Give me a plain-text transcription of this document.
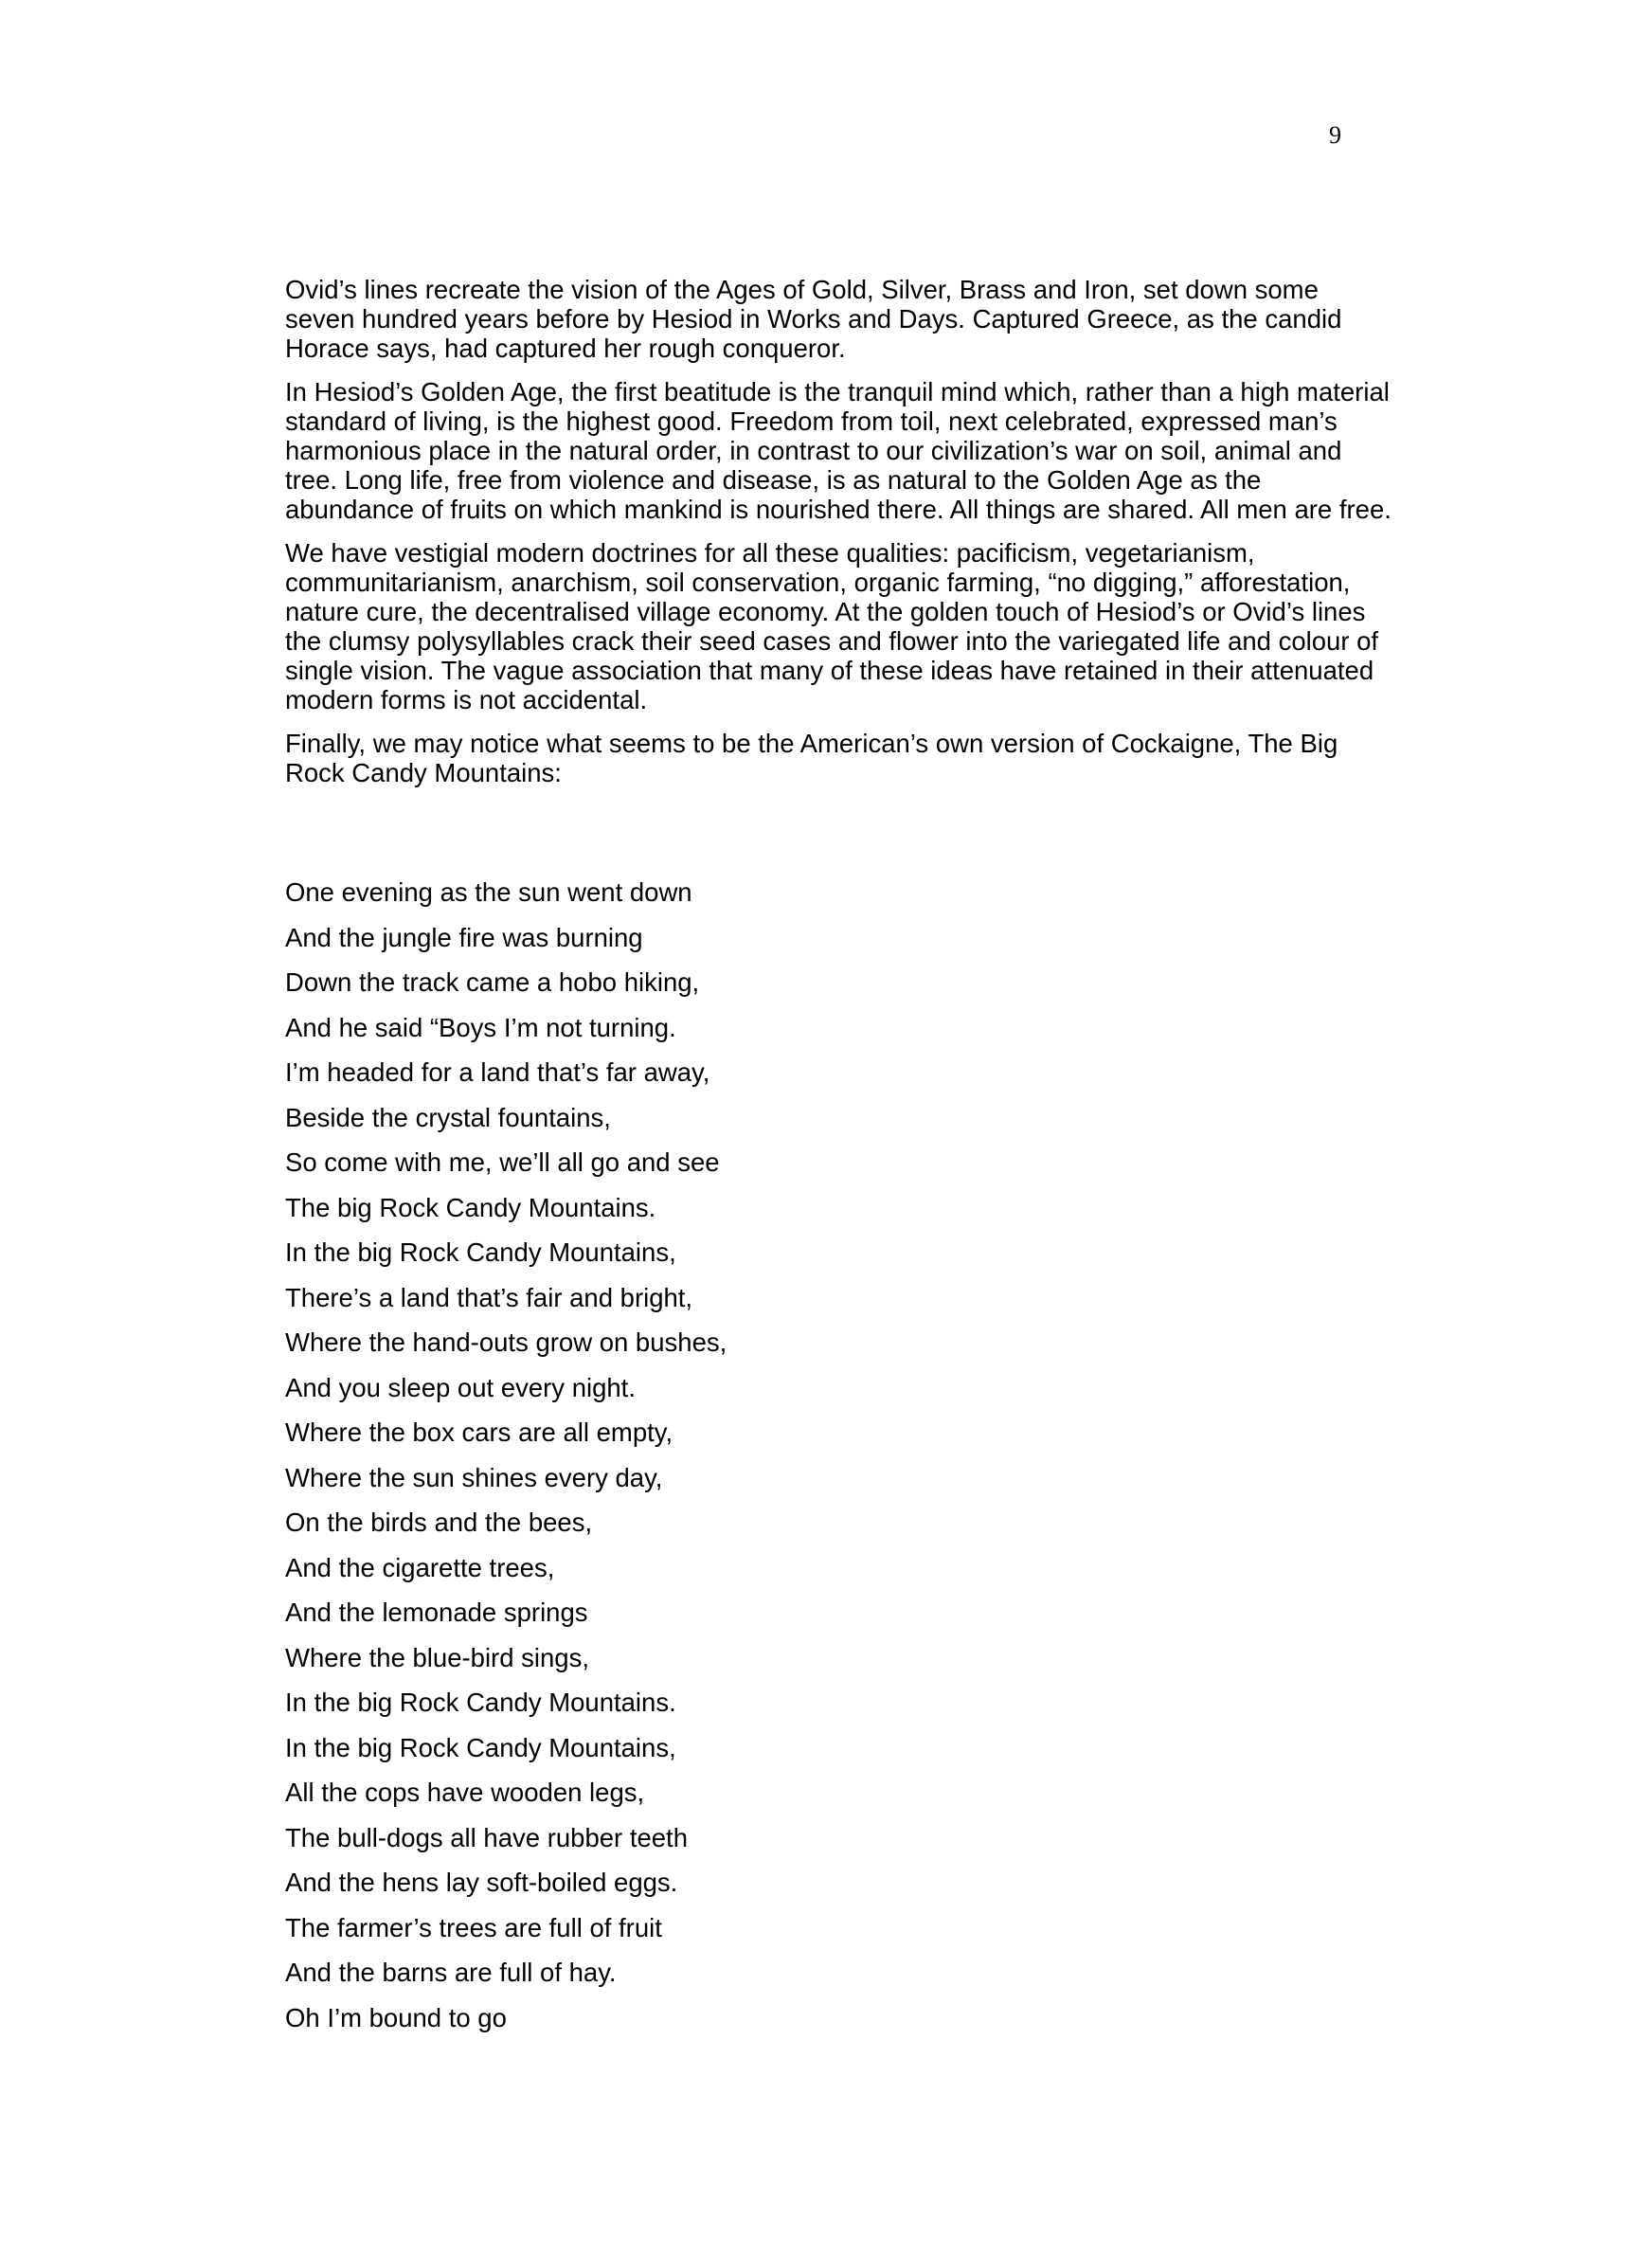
9

Ovid’s lines recreate the vision of the Ages of Gold, Silver, Brass and Iron, set down some seven hundred years before by Hesiod in Works and Days. Captured Greece, as the candid Horace says, had captured her rough conqueror.

In Hesiod’s Golden Age, the first beatitude is the tranquil mind which, rather than a high material standard of living, is the highest good. Freedom from toil, next celebrated, expressed man’s harmonious place in the natural order, in contrast to our civilization’s war on soil, animal and tree. Long life, free from violence and disease, is as natural to the Golden Age as the abundance of fruits on which mankind is nourished there. All things are shared. All men are free.

We have vestigial modern doctrines for all these qualities: pacificism, vegetarianism, communitarianism, anarchism, soil conservation, organic farming, “no digging,” afforestation, nature cure, the decentralised village economy. At the golden touch of Hesiod’s or Ovid’s lines the clumsy polysyllables crack their seed cases and flower into the variegated life and colour of single vision. The vague association that many of these ideas have retained in their attenuated modern forms is not accidental.

Finally, we may notice what seems to be the American’s own version of Cockaigne, The Big Rock Candy Mountains:

One evening as the sun went down
And the jungle fire was burning
Down the track came a hobo hiking,
And he said “Boys I’m not turning.
I’m headed for a land that’s far away,
Beside the crystal fountains,
So come with me, we’ll all go and see
The big Rock Candy Mountains.
In the big Rock Candy Mountains,
There’s a land that’s fair and bright,
Where the hand-outs grow on bushes,
And you sleep out every night.
Where the box cars are all empty,
Where the sun shines every day,
On the birds and the bees,
And the cigarette trees,
And the lemonade springs
Where the blue-bird sings,
In the big Rock Candy Mountains.
In the big Rock Candy Mountains,
All the cops have wooden legs,
The bull-dogs all have rubber teeth
And the hens lay soft-boiled eggs.
The farmer’s trees are full of fruit
And the barns are full of hay.
Oh I’m bound to go
